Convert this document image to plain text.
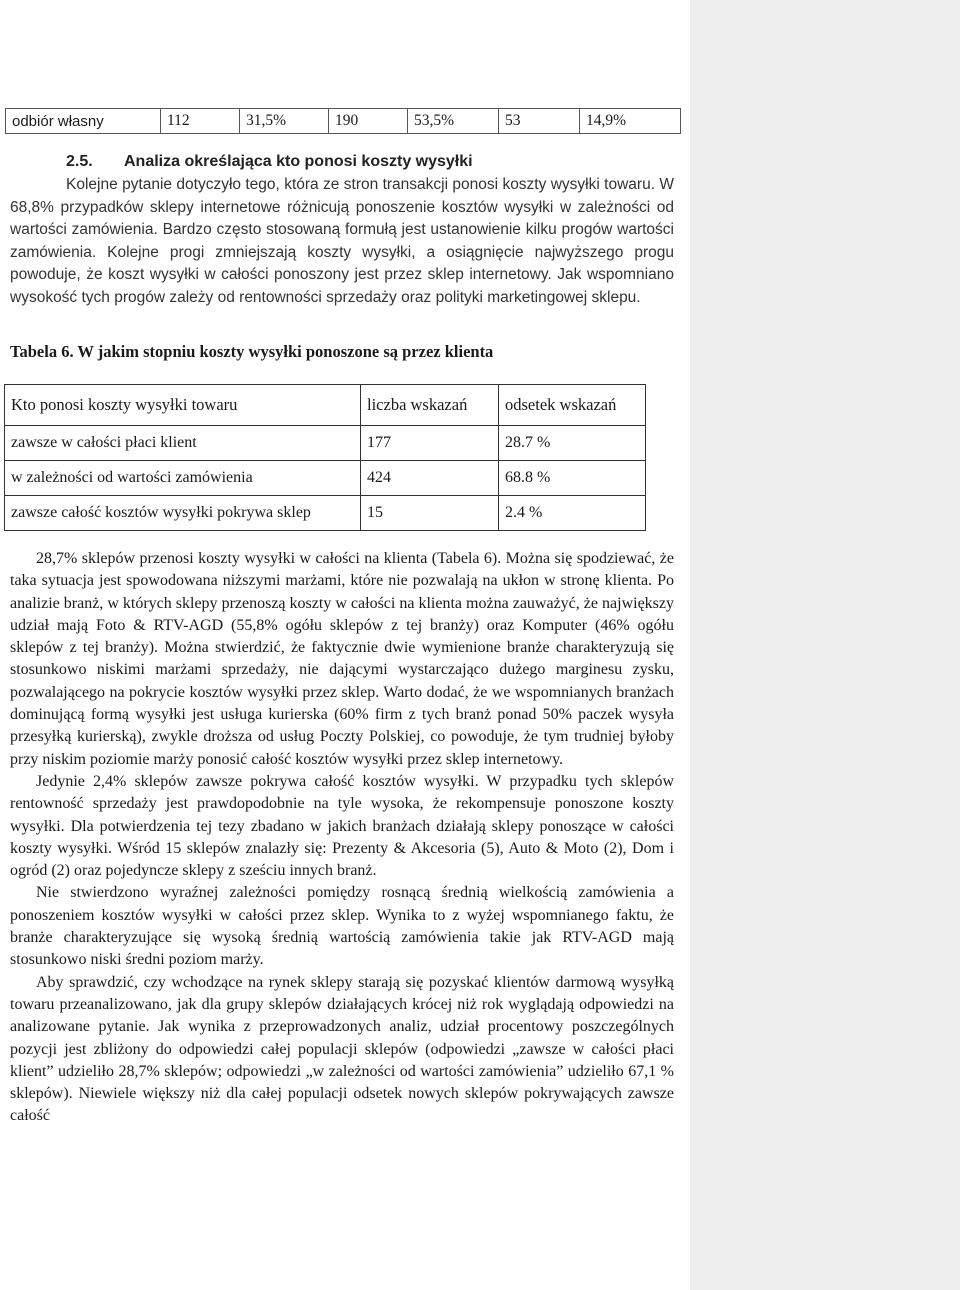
odbiór własny	112	31,5%	190	53,5%	53	14,9%
2.5. Analiza określająca kto ponosi koszty wysyłki

Kolejne pytanie dotyczyło tego, która ze stron transakcji ponosi koszty wysyłki towaru. W 68,8% przypadków sklepy internetowe różnicują ponoszenie kosztów wysyłki w zależności od wartości zamówienia. Bardzo często stosowaną formułą jest ustanowienie kilku progów wartości zamówienia. Kolejne progi zmniejszają koszty wysyłki, a osiągnięcie najwyższego progu powoduje, że koszt wysyłki w całości ponoszony jest przez sklep internetowy. Jak wspomniano wysokość tych progów zależy od rentowności sprzedaży oraz polityki marketingowej sklepu.

Tabela 6. W jakim stopniu koszty wysyłki ponoszone są przez klienta
Kto ponosi koszty wysyłki towaru	liczba wskazań	odsetek wskazań
zawsze w całości płaci klient	177	28.7 %
w zależności od wartości zamówienia	424	68.8 %
zawsze całość kosztów wysyłki pokrywa sklep	15	2.4 %

28,7% sklepów przenosi koszty wysyłki w całości na klienta (Tabela 6). Można się spodziewać, że taka sytuacja jest spowodowana niższymi marżami, które nie pozwalają na ukłon w stronę klienta. Po analizie branż, w których sklepy przenoszą koszty w całości na klienta można zauważyć, że największy udział mają Foto & RTV-AGD (55,8% ogółu sklepów z tej branży) oraz Komputer (46% ogółu sklepów z tej branży). Można stwierdzić, że faktycznie dwie wymienione branże charakteryzują się stosunkowo niskimi marżami sprzedaży, nie dającymi wystarczająco dużego marginesu zysku, pozwalającego na pokrycie kosztów wysyłki przez sklep. Warto dodać, że we wspomnianych branżach dominującą formą wysyłki jest usługa kurierska (60% firm z tych branż ponad 50% paczek wysyła przesyłką kurierską), zwykle droższa od usług Poczty Polskiej, co powoduje, że tym trudniej byłoby przy niskim poziomie marży ponosić całość kosztów wysyłki przez sklep internetowy.

Jedynie 2,4% sklepów zawsze pokrywa całość kosztów wysyłki. W przypadku tych sklepów rentowność sprzedaży jest prawdopodobnie na tyle wysoka, że rekompensuje ponoszone koszty wysyłki. Dla potwierdzenia tej tezy zbadano w jakich branżach działają sklepy ponoszące w całości koszty wysyłki. Wśród 15 sklepów znalazły się: Prezenty & Akcesoria (5), Auto & Moto (2), Dom i ogród (2) oraz pojedyncze sklepy z sześciu innych branż.

Nie stwierdzono wyraźnej zależności pomiędzy rosnącą średnią wielkością zamówienia a ponoszeniem kosztów wysyłki w całości przez sklep. Wynika to z wyżej wspomnianego faktu, że branże charakteryzujące się wysoką średnią wartością zamówienia takie jak RTV-AGD mają stosunkowo niski średni poziom marży.

Aby sprawdzić, czy wchodzące na rynek sklepy starają się pozyskać klientów darmową wysyłką towaru przeanalizowano, jak dla grupy sklepów działających krócej niż rok wyglądają odpowiedzi na analizowane pytanie. Jak wynika z przeprowadzonych analiz, udział procentowy poszczególnych pozycji jest zbliżony do odpowiedzi całej populacji sklepów (odpowiedzi „zawsze w całości płaci klient” udzieliło 28,7% sklepów; odpowiedzi „w zależności od wartości zamówienia” udzieliło 67,1 % sklepów). Niewiele większy niż dla całej populacji odsetek nowych sklepów pokrywających zawsze całość
